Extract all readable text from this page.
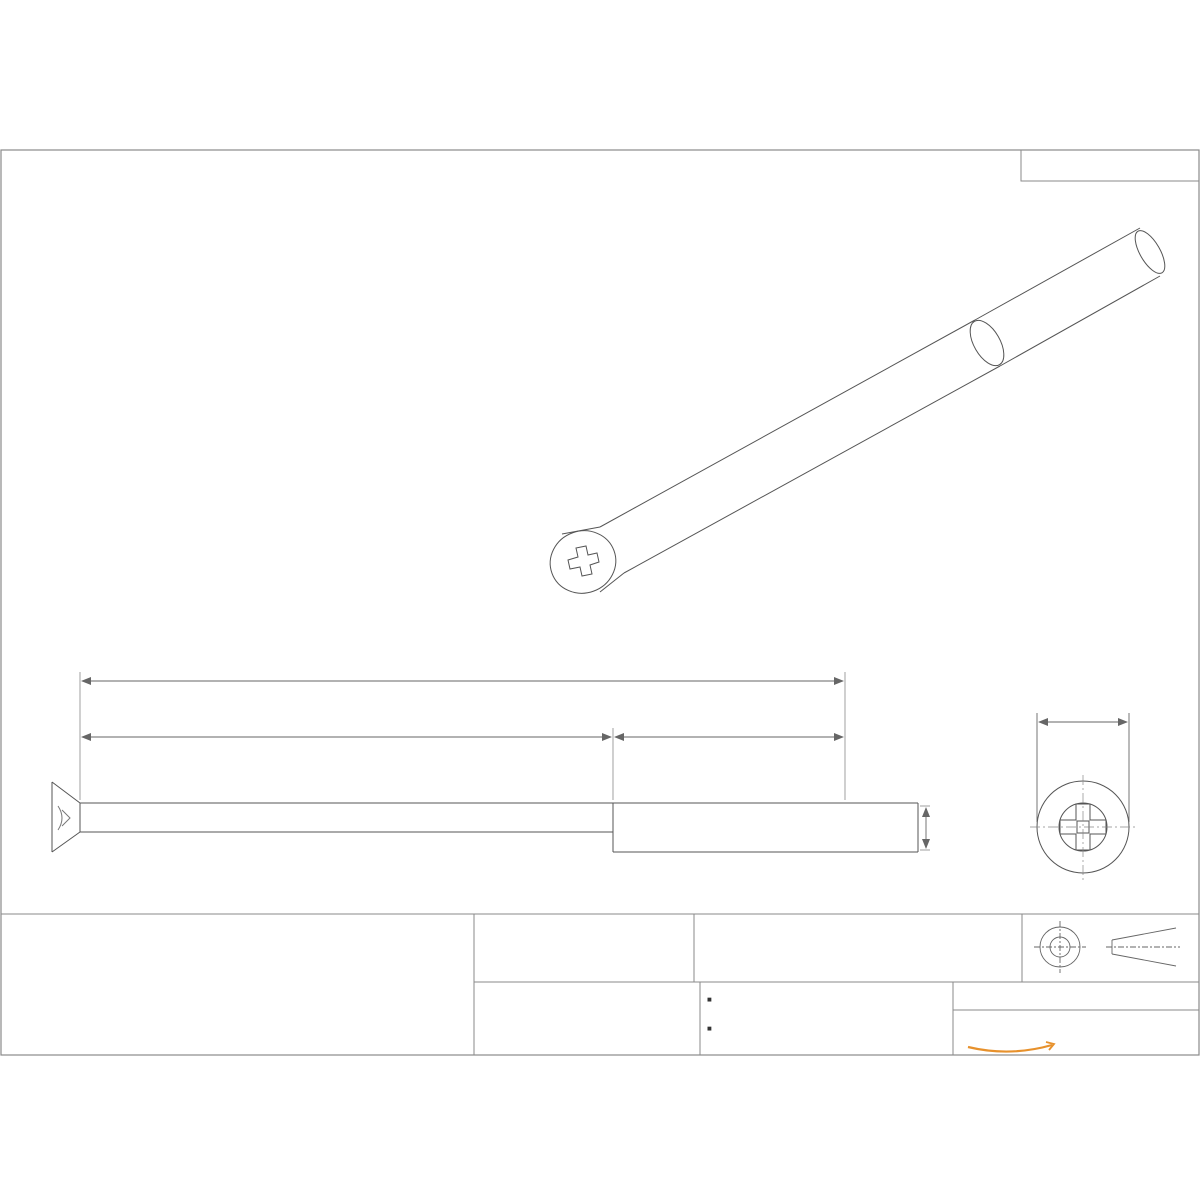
■
■
